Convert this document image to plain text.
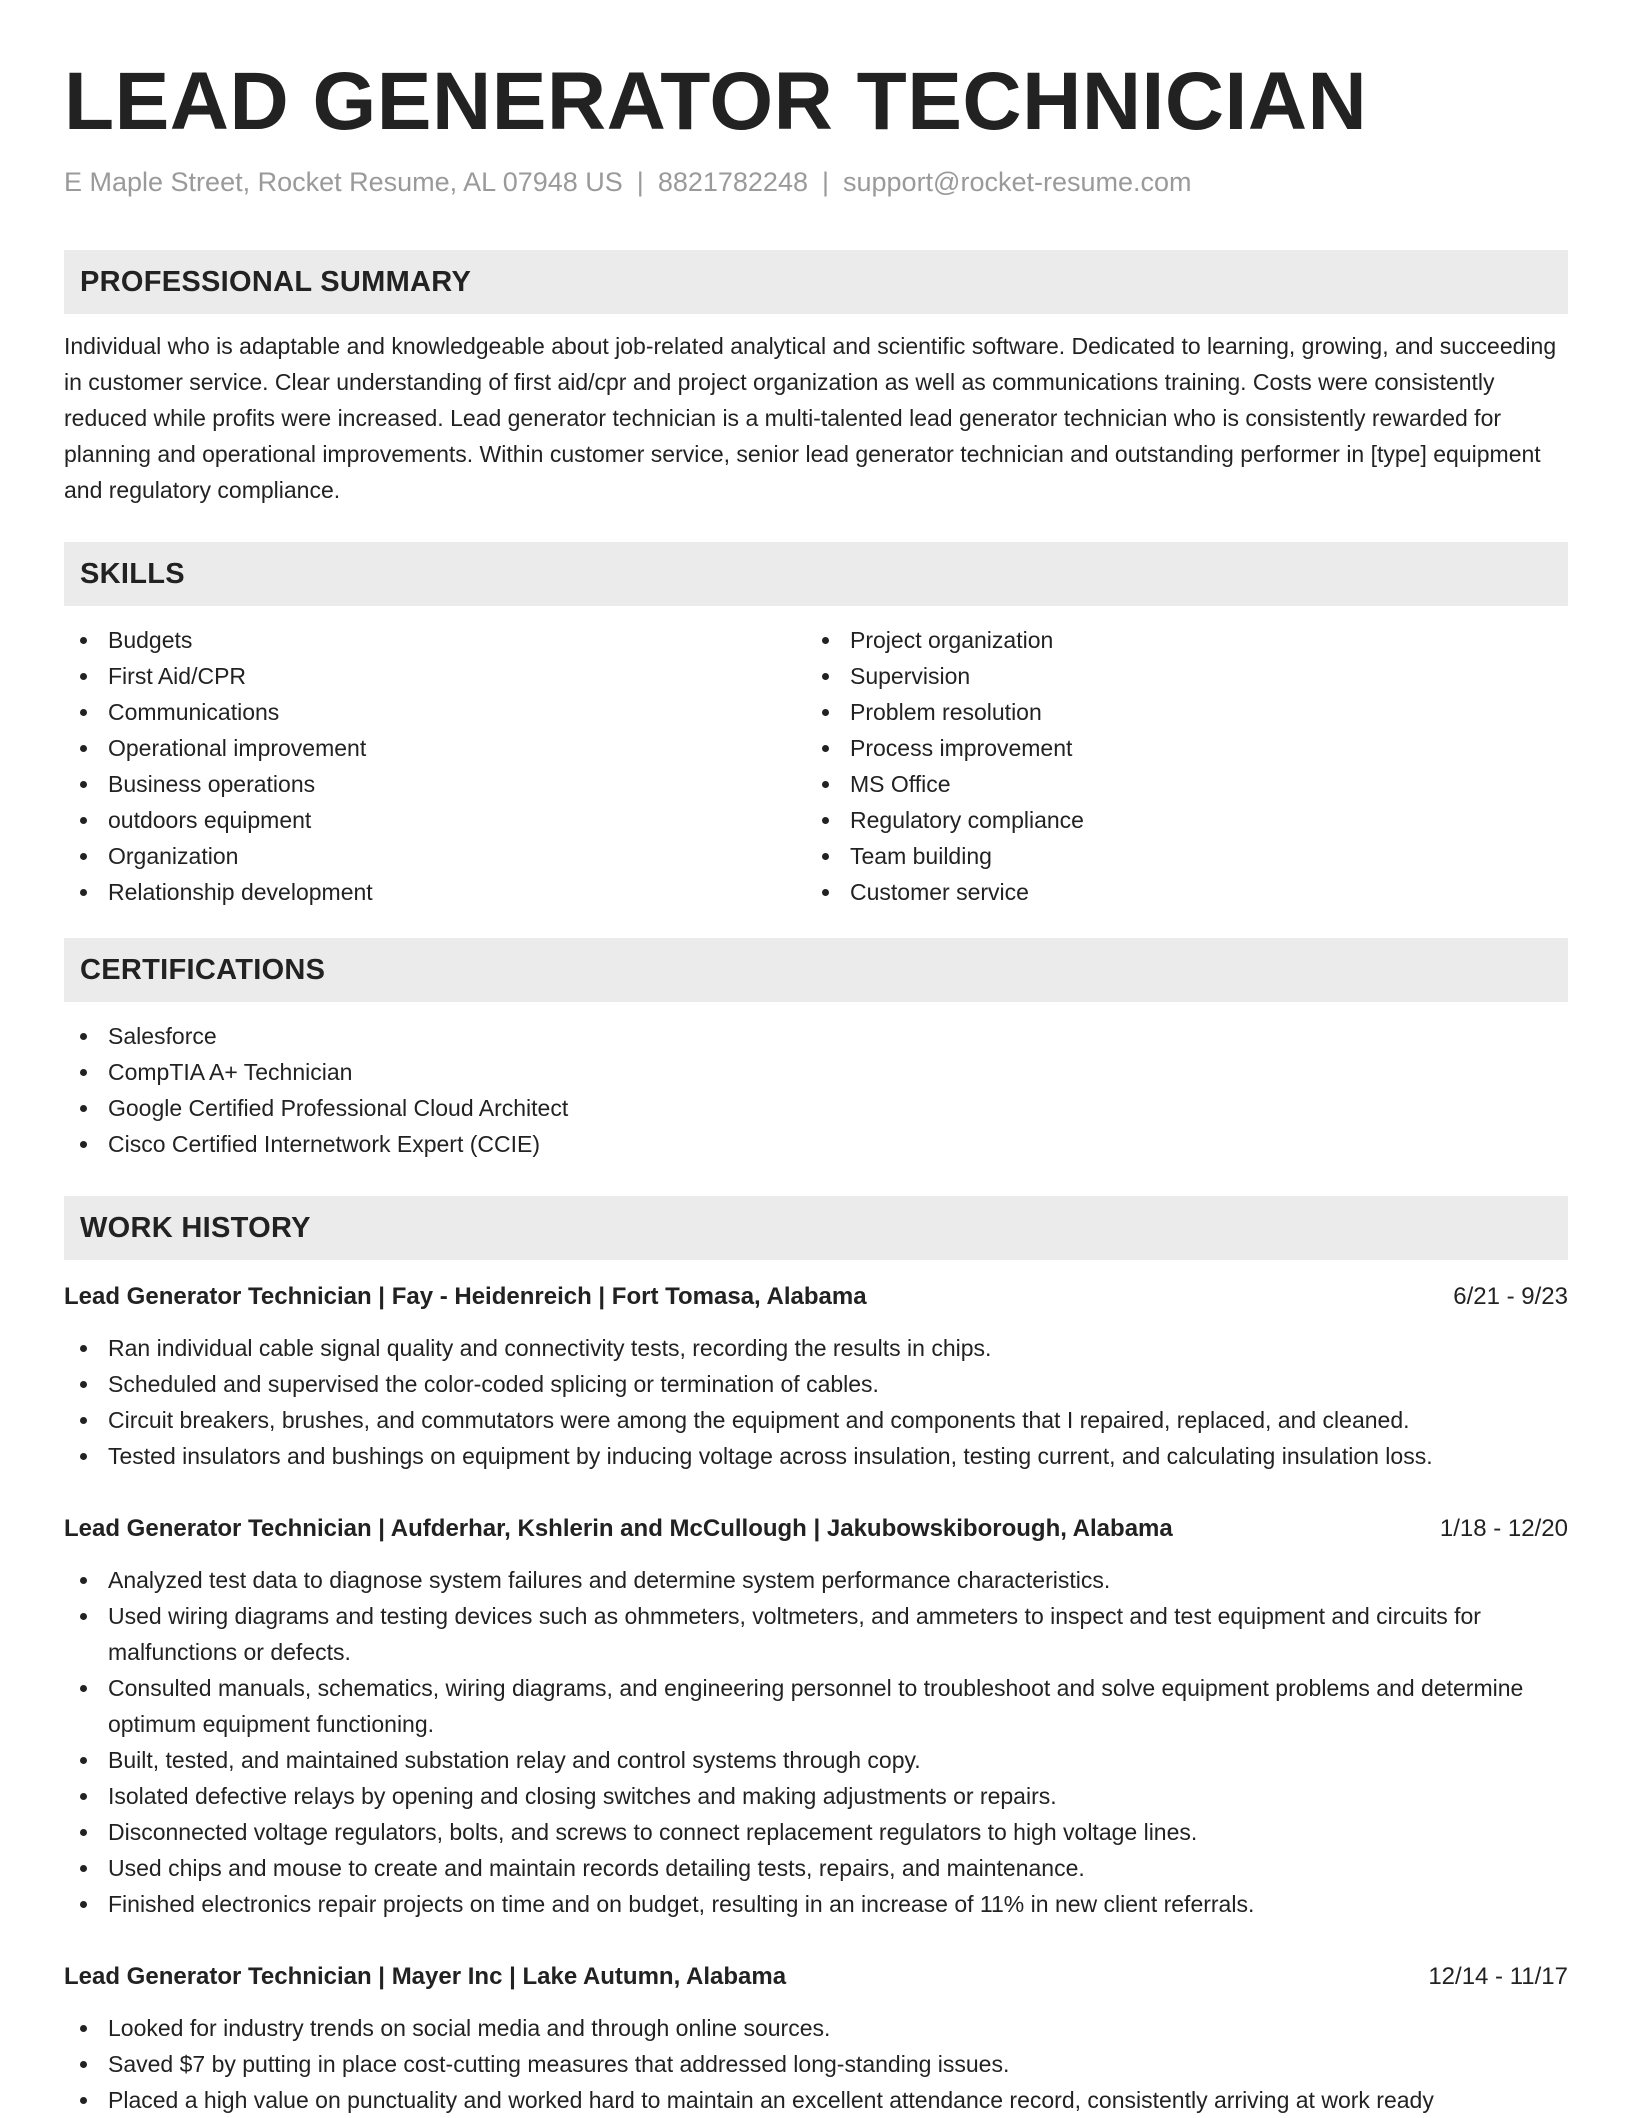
LEAD GENERATOR TECHNICIAN
E Maple Street, Rocket Resume, AL 07948 US | 8821782248 | support@rocket-resume.com
PROFESSIONAL SUMMARY
Individual who is adaptable and knowledgeable about job-related analytical and scientific software. Dedicated to learning, growing, and succeeding in customer service. Clear understanding of first aid/cpr and project organization as well as communications training. Costs were consistently reduced while profits were increased. Lead generator technician is a multi-talented lead generator technician who is consistently rewarded for planning and operational improvements. Within customer service, senior lead generator technician and outstanding performer in [type] equipment and regulatory compliance.
SKILLS
Budgets
First Aid/CPR
Communications
Operational improvement
Business operations
outdoors equipment
Organization
Relationship development
Project organization
Supervision
Problem resolution
Process improvement
MS Office
Regulatory compliance
Team building
Customer service
CERTIFICATIONS
Salesforce
CompTIA A+ Technician
Google Certified Professional Cloud Architect
Cisco Certified Internetwork Expert (CCIE)
WORK HISTORY
Lead Generator Technician | Fay - Heidenreich | Fort Tomasa, Alabama	6/21 - 9/23
Ran individual cable signal quality and connectivity tests, recording the results in chips.
Scheduled and supervised the color-coded splicing or termination of cables.
Circuit breakers, brushes, and commutators were among the equipment and components that I repaired, replaced, and cleaned.
Tested insulators and bushings on equipment by inducing voltage across insulation, testing current, and calculating insulation loss.
Lead Generator Technician | Aufderhar, Kshlerin and McCullough | Jakubowskiborough, Alabama	1/18 - 12/20
Analyzed test data to diagnose system failures and determine system performance characteristics.
Used wiring diagrams and testing devices such as ohmmeters, voltmeters, and ammeters to inspect and test equipment and circuits for malfunctions or defects.
Consulted manuals, schematics, wiring diagrams, and engineering personnel to troubleshoot and solve equipment problems and determine optimum equipment functioning.
Built, tested, and maintained substation relay and control systems through copy.
Isolated defective relays by opening and closing switches and making adjustments or repairs.
Disconnected voltage regulators, bolts, and screws to connect replacement regulators to high voltage lines.
Used chips and mouse to create and maintain records detailing tests, repairs, and maintenance.
Finished electronics repair projects on time and on budget, resulting in an increase of 11% in new client referrals.
Lead Generator Technician | Mayer Inc | Lake Autumn, Alabama	12/14 - 11/17
Looked for industry trends on social media and through online sources.
Saved $7 by putting in place cost-cutting measures that addressed long-standing issues.
Placed a high value on punctuality and worked hard to maintain an excellent attendance record, consistently arriving at work ready
